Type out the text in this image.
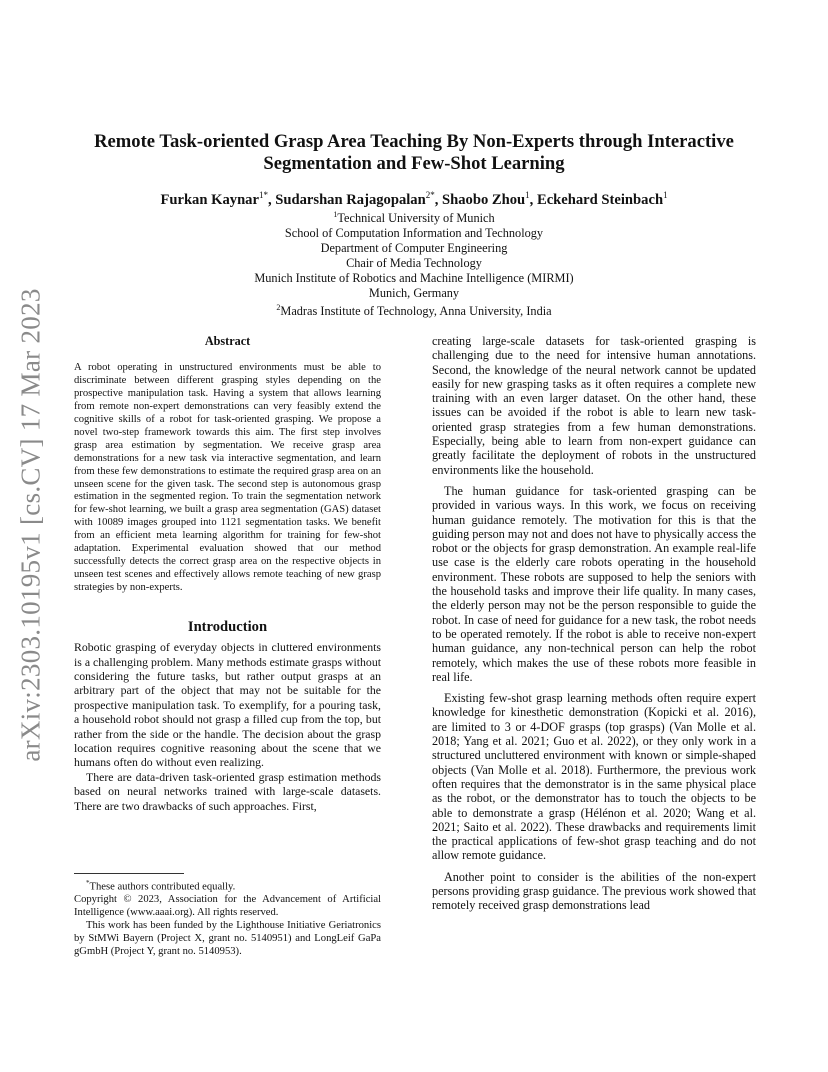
arXiv:2303.10195v1 [cs.CV] 17 Mar 2023
Remote Task-oriented Grasp Area Teaching By Non-Experts through Interactive Segmentation and Few-Shot Learning
Furkan Kaynar$^{1*}$, Sudarshan Rajagopalan$^{2*}$, Shaobo Zhou$^1$, Eckehard Steinbach$^1$
$^1$Technical University of Munich
School of Computation Information and Technology
Department of Computer Engineering
Chair of Media Technology
Munich Institute of Robotics and Machine Intelligence (MIRMI)
Munich, Germany
$^2$Madras Institute of Technology, Anna University, India
Abstract

A robot operating in unstructured environments must be able to discriminate between different grasping styles depending on the prospective manipulation task. Having a system that allows learning from remote non-expert demonstrations can very feasibly extend the cognitive skills of a robot for task-oriented grasping. We propose a novel two-step framework towards this aim. The first step involves grasp area estimation by segmentation. We receive grasp area demonstrations for a new task via interactive segmentation, and learn from these few demonstrations to estimate the required grasp area on an unseen scene for the given task. The second step is autonomous grasp estimation in the segmented region. To train the segmentation network for few-shot learning, we built a grasp area segmentation (GAS) dataset with 10089 images grouped into 1121 segmentation tasks. We benefit from an efficient meta learning algorithm for training for few-shot adaptation. Experimental evaluation showed that our method successfully detects the correct grasp area on the respective objects in unseen test scenes and effectively allows remote teaching of new grasp strategies by non-experts.

Introduction

Robotic grasping of everyday objects in cluttered environments is a challenging problem. Many methods estimate grasps without considering the future tasks, but rather output grasps at an arbitrary part of the object that may not be suitable for the prospective manipulation task. To exemplify, for a pouring task, a household robot should not grasp a filled cup from the top, but rather from the side or the handle. The decision about the grasp location requires cognitive reasoning about the scene that we humans often do without even realizing.

There are data-driven task-oriented grasp estimation methods based on neural networks trained with large-scale datasets. There are two drawbacks of such approaches. First,

creating large-scale datasets for task-oriented grasping is challenging due to the need for intensive human annotations. Second, the knowledge of the neural network cannot be updated easily for new grasping tasks as it often requires a complete new training with an even larger dataset. On the other hand, these issues can be avoided if the robot is able to learn new task-oriented grasp strategies from a few human demonstrations. Especially, being able to learn from non-expert guidance can greatly facilitate the deployment of robots in the unstructured environments like the household.

The human guidance for task-oriented grasping can be provided in various ways. In this work, we focus on receiving human guidance remotely. The motivation for this is that the guiding person may not and does not have to physically access the robot or the objects for grasp demonstration. An example real-life use case is the elderly care robots operating in the household environment. These robots are supposed to help the seniors with the household tasks and improve their life quality. In many cases, the elderly person may not be the person responsible to guide the robot. In case of need for guidance for a new task, the robot needs to be operated remotely. If the robot is able to receive non-expert human guidance, any non-technical person can help the robot remotely, which makes the use of these robots more feasible in real life.

Existing few-shot grasp learning methods often require expert knowledge for kinesthetic demonstration (Kopicki et al. 2016), are limited to 3 or 4-DOF grasps (top grasps) (Van Molle et al. 2018; Yang et al. 2021; Guo et al. 2022), or they only work in a structured uncluttered environment with known or simple-shaped objects (Van Molle et al. 2018). Furthermore, the previous work often requires that the demonstrator is in the same physical place as the robot, or the demonstrator has to touch the objects to be able to demonstrate a grasp (Hélénon et al. 2020; Wang et al. 2021; Saito et al. 2022). These drawbacks and requirements limit the practical applications of few-shot grasp teaching and do not allow remote guidance.

Another point to consider is the abilities of the non-expert persons providing grasp guidance. The previous work showed that remotely received grasp demonstrations lead

*These authors contributed equally.

Copyright © 2023, Association for the Advancement of Artificial Intelligence (www.aaai.org). All rights reserved.

This work has been funded by the Lighthouse Initiative Geriatronics by StMWi Bayern (Project X, grant no. 5140951) and LongLeif GaPa gGmbH (Project Y, grant no. 5140953).
